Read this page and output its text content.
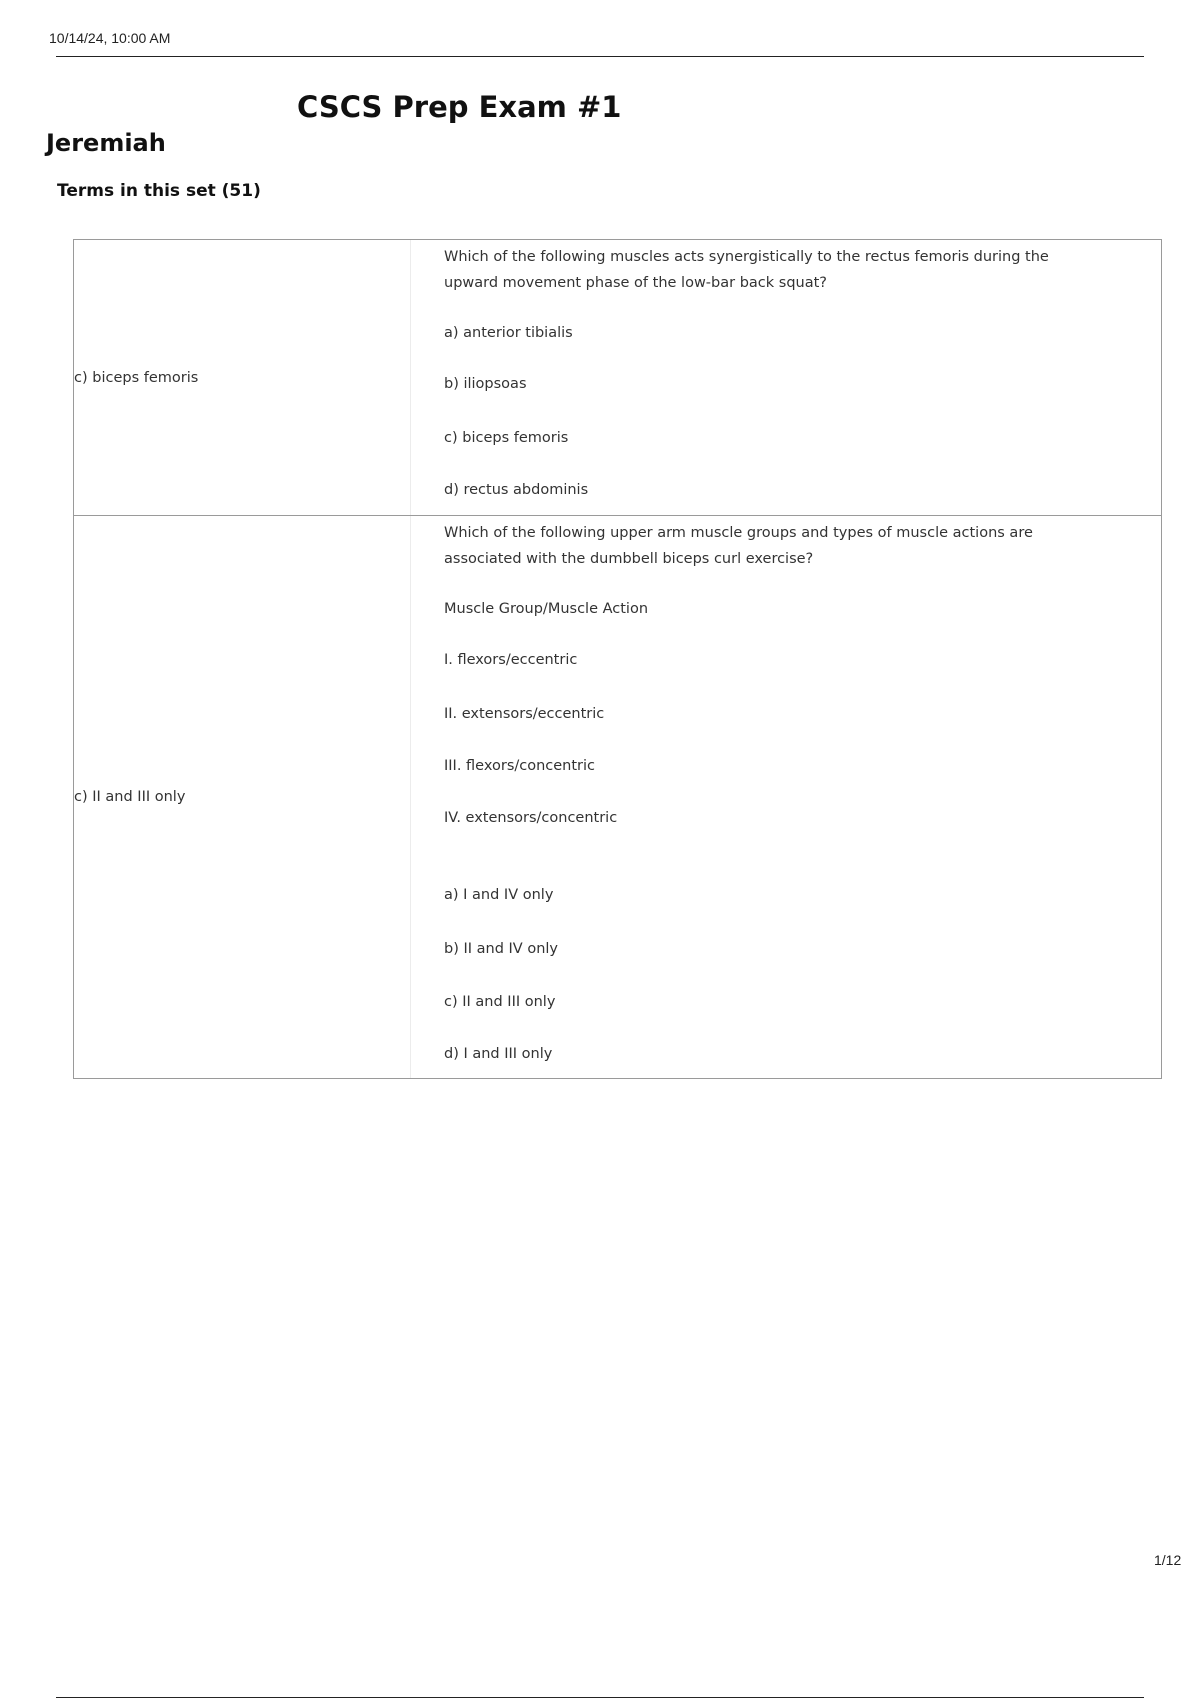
10/14/24, 10:00 AM
CSCS Prep Exam #1
Jeremiah
Terms in this set (51)
c) biceps femoris
Which of the following muscles acts synergistically to the rectus femoris during the
upward movement phase of the low-bar back squat?
a) anterior tibialis
b) iliopsoas
c) biceps femoris
d) rectus abdominis
c) II and III only
Which of the following upper arm muscle groups and types of muscle actions are
associated with the dumbbell biceps curl exercise?
Muscle Group/Muscle Action
I. flexors/eccentric
II. extensors/eccentric
III. flexors/concentric
IV. extensors/concentric
a) I and IV only
b) II and IV only
c) II and III only
d) I and III only
1/12
